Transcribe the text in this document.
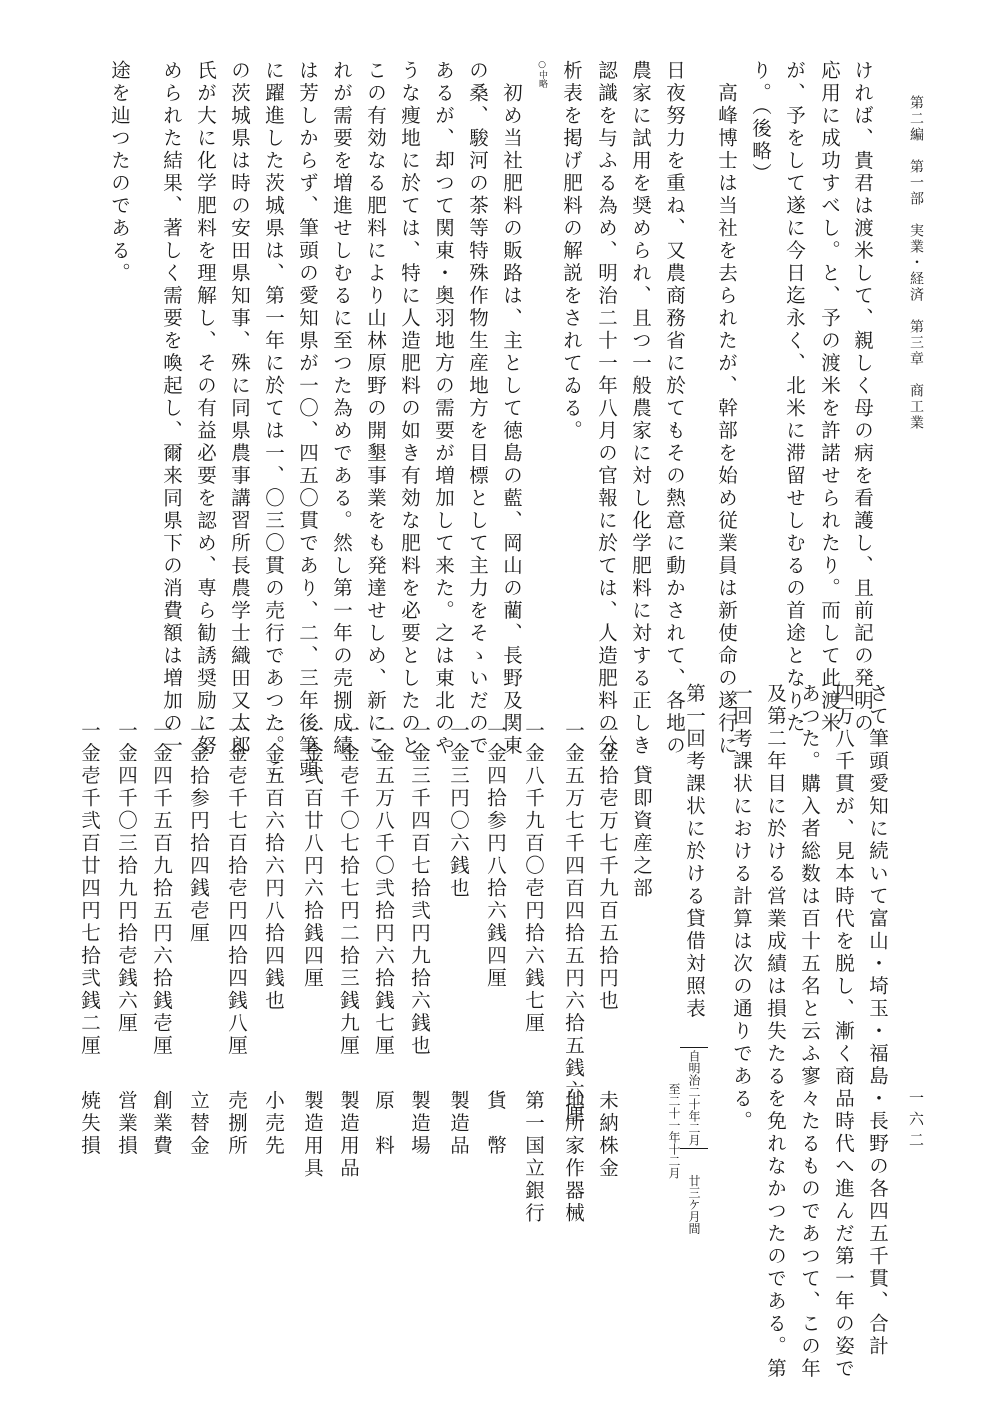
第二編　第一部　実業・経済　第三章　商工業
一六二
ければ、貴君は渡米して、親しく母の病を看護し、且前記の発明の
応用に成功すべし。と、予の渡米を許諾せられたり。而して此渡米
が、予をして遂に今日迄永く、北米に滞留せしむるの首途となりた
り。（後略）
　高峰博士は当社を去られたが、幹部を始め従業員は新使命の遂行に
日夜努力を重ね、又農商務省に於てもその熱意に動かされて、各地の
農家に試用を奨められ、且つ一般農家に対し化学肥料に対する正しき
認識を与ふる為め、明治二十一年八月の官報に於ては、人造肥料の分
析表を掲げ肥料の解説をされてゐる。
○中略
　初め当社肥料の販路は、主として徳島の藍、岡山の藺、長野及関東
の桑、駿河の茶等特殊作物生産地方を目標として主力をそゝいだので
あるが、却つて関東・奥羽地方の需要が増加して来た。之は東北のや
うな痩地に於ては、特に人造肥料の如き有効な肥料を必要としたのと
この有効なる肥料により山林原野の開墾事業をも発達せしめ、新にこ
れが需要を増進せしむるに至つた為めである。然し第一年の売捌成績
は芳しからず、筆頭の愛知県が一〇、四五〇貫であり、二、三年後筆頭
に躍進した茨城県は、第一年に於ては一、〇三〇貫の売行であつた。こ
の茨城県は時の安田県知事、殊に同県農事講習所長農学士織田又太郎
氏が大に化学肥料を理解し、その有益必要を認め、専ら勧誘奨励に努
められた結果、著しく需要を喚起し、爾来同県下の消費額は増加の一
途を辿つたのである。
さて筆頭愛知に続いて富山・埼玉・福島・長野の各四五千貫、合計
四万八千貫が、見本時代を脱し、漸く商品時代へ進んだ第一年の姿で
あつた。購入者総数は百十五名と云ふ寥々たるものであつて、この年
及第二年目に於ける営業成績は損失たるを免れなかつたのである。第
一回考課状における計算は次の通りである。
第一回考課状に於ける貸借対照表
自明治二十年二月
廿三ケ月間
至二十一年十二月
貸即資産之部
一金拾壱万七千九百五拾円也
未納株金
一金五万七千四百四拾五円六拾五銭六厘
地所家作器械
一金八千九百〇壱円拾六銭七厘
第一国立銀行
一金四拾参円八拾六銭四厘
貨　幣
一金三円〇六銭也
製造品
一金三千四百七拾弐円九拾六銭也
製造場
一金五万八千〇弐拾円六拾銭七厘
原　料
一金壱千〇七拾七円二拾三銭九厘
製造用品
一金弐百廿八円六拾銭四厘
製造用具
一金五百六拾六円八拾四銭也
小売先
一金壱千七百拾壱円四拾四銭八厘
売捌所
一金拾参円拾四銭壱厘
立替金
一金四千五百九拾五円六拾銭壱厘
創業費
一金四千〇三拾九円拾壱銭六厘
営業損
一金壱千弐百廿四円七拾弐銭二厘
焼失損
